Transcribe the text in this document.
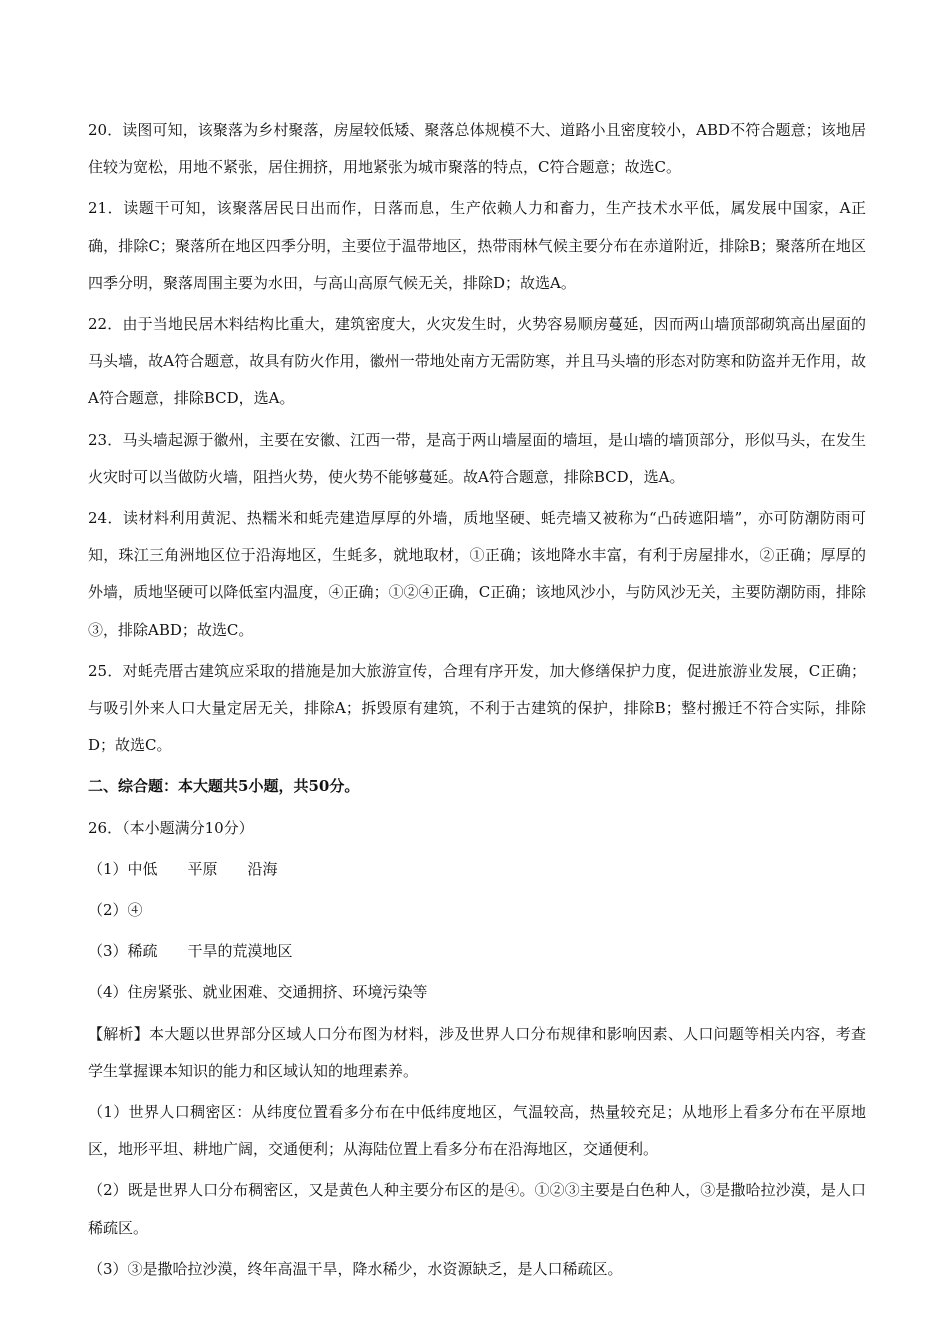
20．读图可知，该聚落为乡村聚落，房屋较低矮、聚落总体规模不大、道路小且密度较小，ABD不符合题意；该地居住较为宽松，用地不紧张，居住拥挤，用地紧张为城市聚落的特点，C符合题意；故选C。

21．读题干可知，该聚落居民日出而作，日落而息，生产依赖人力和畜力，生产技术水平低，属发展中国家，A正确，排除C；聚落所在地区四季分明，主要位于温带地区，热带雨林气候主要分布在赤道附近，排除B；聚落所在地区四季分明，聚落周围主要为水田，与高山高原气候无关，排除D；故选A。

22．由于当地民居木料结构比重大，建筑密度大，火灾发生时，火势容易顺房蔓延，因而两山墙顶部砌筑高出屋面的马头墙，故A符合题意，故具有防火作用，徽州一带地处南方无需防寒，并且马头墙的形态对防寒和防盗并无作用，故A符合题意，排除BCD，选A。

23．马头墙起源于徽州，主要在安徽、江西一带，是高于两山墙屋面的墙垣，是山墙的墙顶部分，形似马头，在发生火灾时可以当做防火墙，阻挡火势，使火势不能够蔓延。故A符合题意，排除BCD，选A。

24．读材料利用黄泥、热糯米和蚝壳建造厚厚的外墙，质地坚硬、蚝壳墙又被称为“凸砖遮阳墙”，亦可防潮防雨可知，珠江三角洲地区位于沿海地区，生蚝多，就地取材，①正确；该地降水丰富，有利于房屋排水，②正确；厚厚的外墙，质地坚硬可以降低室内温度，④正确；①②④正确，C正确；该地风沙小，与防风沙无关，主要防潮防雨，排除③，排除ABD；故选C。

25．对蚝壳厝古建筑应采取的措施是加大旅游宣传，合理有序开发，加大修缮保护力度，促进旅游业发展，C正确；与吸引外来人口大量定居无关，排除A；拆毁原有建筑，不利于古建筑的保护，排除B；整村搬迁不符合实际，排除D；故选C。

二、综合题：本大题共5小题，共50分。

26．（本小题满分10分）

（1）中低　　平原　　沿海

（2）④

（3）稀疏　　干旱的荒漠地区

（4）住房紧张、就业困难、交通拥挤、环境污染等

【解析】本大题以世界部分区域人口分布图为材料，涉及世界人口分布规律和影响因素、人口问题等相关内容，考查学生掌握课本知识的能力和区域认知的地理素养。

（1）世界人口稠密区：从纬度位置看多分布在中低纬度地区，气温较高，热量较充足；从地形上看多分布在平原地区，地形平坦、耕地广阔，交通便利；从海陆位置上看多分布在沿海地区，交通便利。

（2）既是世界人口分布稠密区，又是黄色人种主要分布区的是④。①②③主要是白色种人，③是撒哈拉沙漠，是人口稀疏区。

（3）③是撒哈拉沙漠，终年高温干旱，降水稀少，水资源缺乏，是人口稀疏区。
